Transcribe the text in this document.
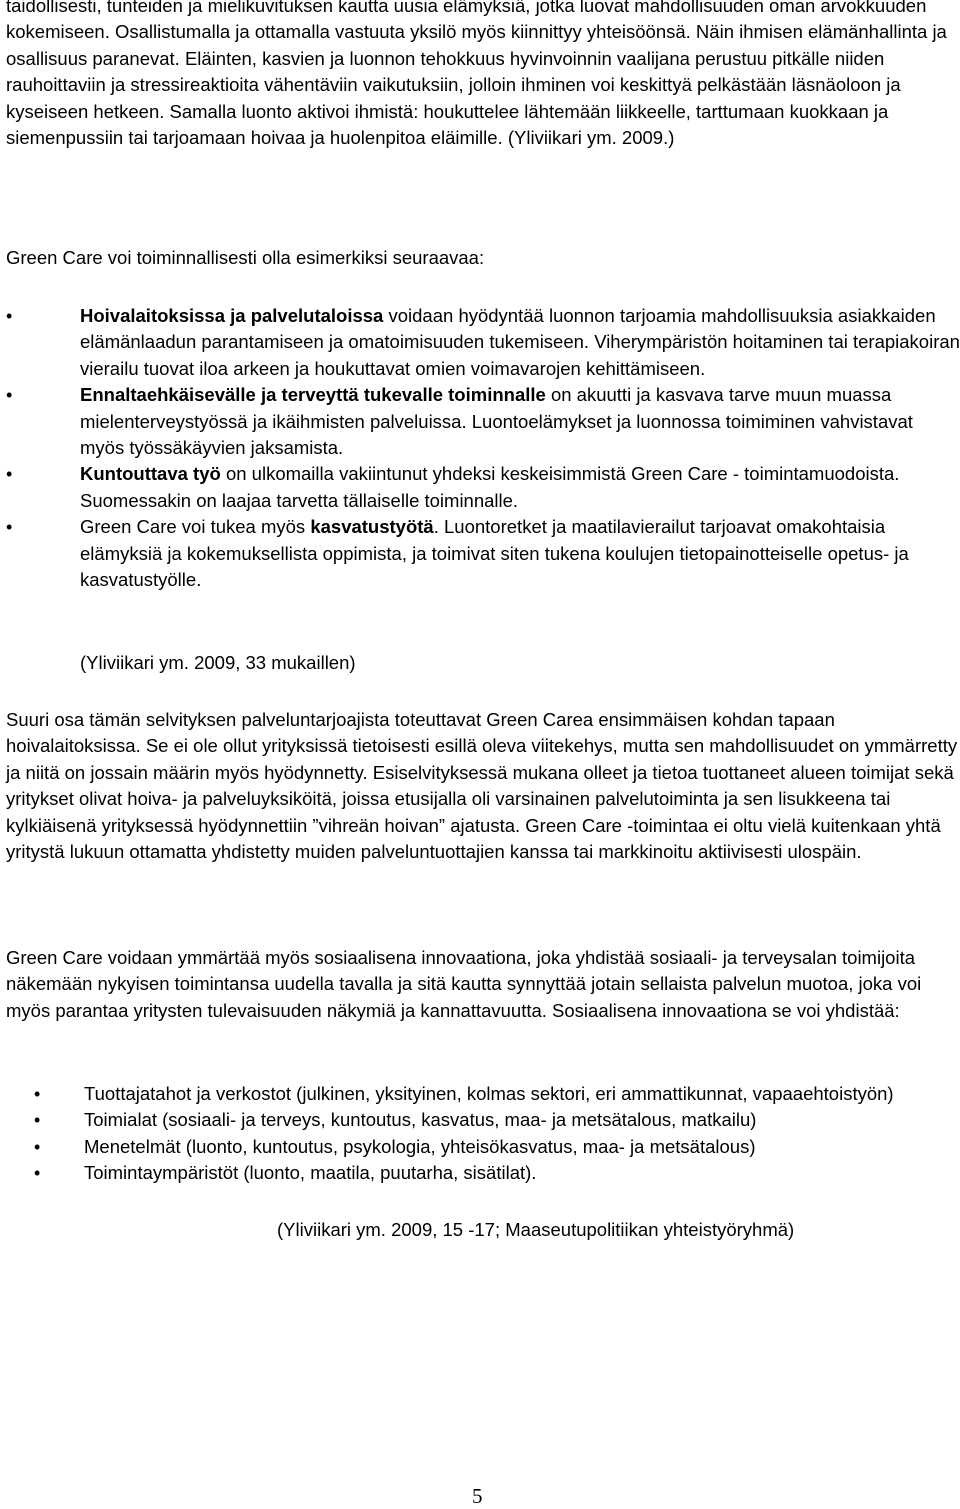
taidollisesti, tunteiden ja mielikuvituksen kautta uusia elämyksiä, jotka luovat mahdollisuuden oman arvokkuuden kokemiseen. Osallistumalla ja ottamalla vastuuta yksilö myös kiinnittyy yhteisöönsä. Näin ihmisen elämänhallinta ja osallisuus paranevat. Eläinten, kasvien ja luonnon tehokkuus hyvinvoinnin vaalijana perustuu pitkälle niiden rauhoittaviin ja stressireaktioita vähentäviin vaikutuksiin, jolloin ihminen voi keskittyä pelkästään läsnäoloon ja kyseiseen hetkeen. Samalla luonto aktivoi ihmistä: houkuttelee lähtemään liikkeelle, tarttumaan kuokkaan ja siemenpussiin tai tarjoamaan hoivaa ja huolenpitoa eläimille. (Yliviikari ym. 2009.)

Green Care voi toiminnallisesti olla esimerkiksi seuraavaa:

•	Hoivalaitoksissa ja palvelutaloissa voidaan hyödyntää luonnon tarjoamia mahdollisuuksia asiakkaiden elämänlaadun parantamiseen ja omatoimisuuden tukemiseen. Viherympäristön hoitaminen tai terapiakoiran vierailu tuovat iloa arkeen ja houkuttavat omien voimavarojen kehittämiseen.
•	Ennaltaehkäisevälle ja terveyttä tukevalle toiminnalle on akuutti ja kasvava tarve muun muassa mielenterveystyössä ja ikäihmisten palveluissa. Luontoelämykset ja luonnossa toimiminen vahvistavat myös työssäkäyvien jaksamista.
•	Kuntouttava työ on ulkomailla vakiintunut yhdeksi keskeisimmistä Green Care - toimintamuodoista. Suomessakin on laajaa tarvetta tällaiselle toiminnalle.
•	Green Care voi tukea myös kasvatustyötä. Luontoretket ja maatilavierailut tarjoavat omakohtaisia elämyksiä ja kokemuksellista oppimista, ja toimivat siten tukena koulujen tietopainotteiselle opetus- ja kasvatustyölle.
(Yliviikari ym. 2009, 33 mukaillen)

Suuri osa tämän selvityksen palveluntarjoajista toteuttavat Green Carea ensimmäisen kohdan tapaan hoivalaitoksissa. Se ei ole ollut yrityksissä tietoisesti esillä oleva viitekehys, mutta sen mahdollisuudet on ymmärretty ja niitä on jossain määrin myös hyödynnetty. Esiselvityksessä mukana olleet ja tietoa tuottaneet alueen toimijat sekä yritykset olivat hoiva- ja palveluyksiköitä, joissa etusijalla oli varsinainen palvelutoiminta ja sen lisukkeena tai kylkiäisenä yrityksessä hyödynnettiin ”vihreän hoivan” ajatusta. Green Care -toimintaa ei oltu vielä kuitenkaan yhtä yritystä lukuun ottamatta yhdistetty muiden palveluntuottajien kanssa tai markkinoitu aktiivisesti ulospäin.

Green Care voidaan ymmärtää myös sosiaalisena innovaationa, joka yhdistää sosiaali- ja terveysalan toimijoita näkemään nykyisen toimintansa uudella tavalla ja sitä kautta synnyttää jotain sellaista palvelun muotoa, joka voi myös parantaa yritysten tulevaisuuden näkymiä ja kannattavuutta. Sosiaalisena innovaationa se voi yhdistää:

• Tuottajatahot ja verkostot (julkinen, yksityinen, kolmas sektori, eri ammattikunnat, vapaaehtoistyön)
• Toimialat (sosiaali- ja terveys, kuntoutus, kasvatus, maa- ja metsätalous, matkailu)
• Menetelmät (luonto, kuntoutus, psykologia, yhteisökasvatus, maa- ja metsätalous)
• Toimintaympäristöt (luonto, maatila, puutarha, sisätilat).
(Yliviikari ym. 2009, 15 -17; Maaseutupolitiikan yhteistyöryhmä)
5
